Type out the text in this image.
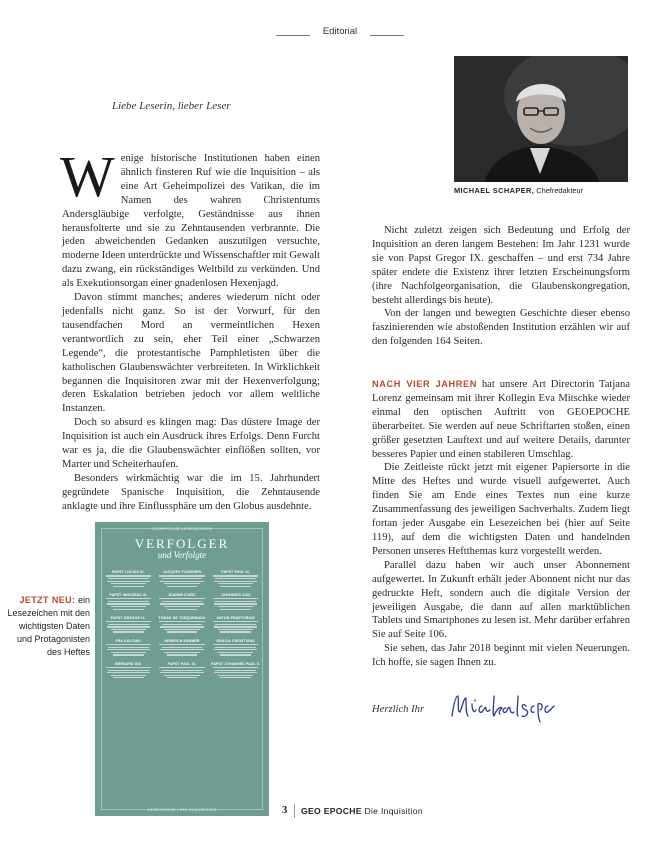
Editorial
MICHAEL SCHAPER, Chefredakteur
Liebe Leserin, lieber Leser

Wenige historische Institutionen haben einen ähnlich finsteren Ruf wie die Inquisition – als eine Art Geheimpolizei des Vatikan, die im Namen des wahren Christentums Andersgläubige verfolgte, Geständnisse aus ihnen herausfolterte und sie zu Zehntausenden verbrannte. Die jeden abweichenden Gedanken auszutilgen versuchte, moderne Ideen unterdrückte und Wissenschaftler mit Gewalt dazu zwang, ein rückständiges Weltbild zu verkünden. Und als Exekutionsorgan einer gnadenlosen Hexenjagd.

Davon stimmt manches; anderes wiederum nicht oder jedenfalls nicht ganz. So ist der Vorwurf, für den tausendfachen Mord an vermeintlichen Hexen verantwortlich zu sein, eher Teil einer „Schwarzen Legende“, die protestantische Pamphletisten über die katholischen Glaubenswächter verbreiteten. In Wirklichkeit begannen die Inquisitoren zwar mit der Hexenverfolgung; deren Eskalation betrieben jedoch vor allem weltliche Instanzen.

Doch so absurd es klingen mag: Das düstere Image der Inquisition ist auch ein Ausdruck ihres Erfolgs. Denn Furcht war es ja, die die Glaubenswächter einflößen sollten, vor Marter und Scheiterhaufen.

Besonders wirkmächtig war die im 15. Jahrhundert gegründete Spanische Inquisition, die Zehntausende anklagte und ihre Einflussphäre um den Globus ausdehnte.

Nicht zuletzt zeigen sich Bedeutung und Erfolg der Inquisition an deren langem Bestehen: Im Jahr 1231 wurde sie von Papst Gregor IX. geschaffen – und erst 734 Jahre später endete die Existenz ihrer letzten Erscheinungsform (ihre Nachfolgeorganisation, die Glaubenskongregation, besteht allerdings bis heute).

Von der langen und bewegten Geschichte dieser ebenso faszinierenden wie abstoßenden Institution erzählen wir auf den folgenden 164 Seiten.

NACH VIER JAHREN hat unsere Art Directorin Tatjana Lorenz gemeinsam mit ihrer Kollegin Eva Mitschke wieder einmal den optischen Auftritt von GEOEPOCHE überarbeitet. Sie werden auf neue Schriftarten stoßen, einen größer gesetzten Lauftext und auf weitere Details, darunter besseres Papier und einen stabileren Umschlag.

Die Zeitleiste rückt jetzt mit eigener Papiersorte in die Mitte des Heftes und wurde visuell aufgewertet. Auch finden Sie am Ende eines Textes nun eine kurze Zusammenfassung des jeweiligen Sachverhalts. Zudem liegt fortan jeder Ausgabe ein Lesezeichen bei (hier auf Seite 119), auf dem die wichtigsten Daten und handelnden Personen unseres Heftthemas kurz vorgestellt werden.

Parallel dazu haben wir auch unser Abonnement aufgewertet. In Zukunft erhält jeder Abonnent nicht nur das gedruckte Heft, sondern auch die digitale Version der jeweiligen Ausgabe, die dann auf allen marktüblichen Tablets und Smartphones zu lesen ist. Mehr darüber erfahren Sie auf Seite 106.

Sie sehen, das Jahr 2018 beginnt mit vielen Neuerungen. Ich hoffe, sie sagen Ihnen zu.

JETZT NEU: ein Lesezeichen mit den wichtigsten Daten und Protagonisten des Heftes
GEOEPOCHE LESEZEICHEN
VERFOLGER
und Verfolgte
PAPST LUCIUS III.	JACQUES FOURNIER	PAPST PAUL IV.
PAPST INNOZENZ III.	JEANNE D'ARC	JOHANNES XXIII
PAPST GREGOR IX.	TOMÁS DE TORQUEMADA	ANTON PRAETORIUS
FRA DOLCINO	HEINRICH KRAMER	GRACIA CHRISTIANA
BERNARD GUI	PAPST PAUL III.	PAPST JOHANNES PAUL II.
GEOEPOCHE | DIE INQUISITION
Herzlich Ihr
3 GEO EPOCHE Die Inquisition
